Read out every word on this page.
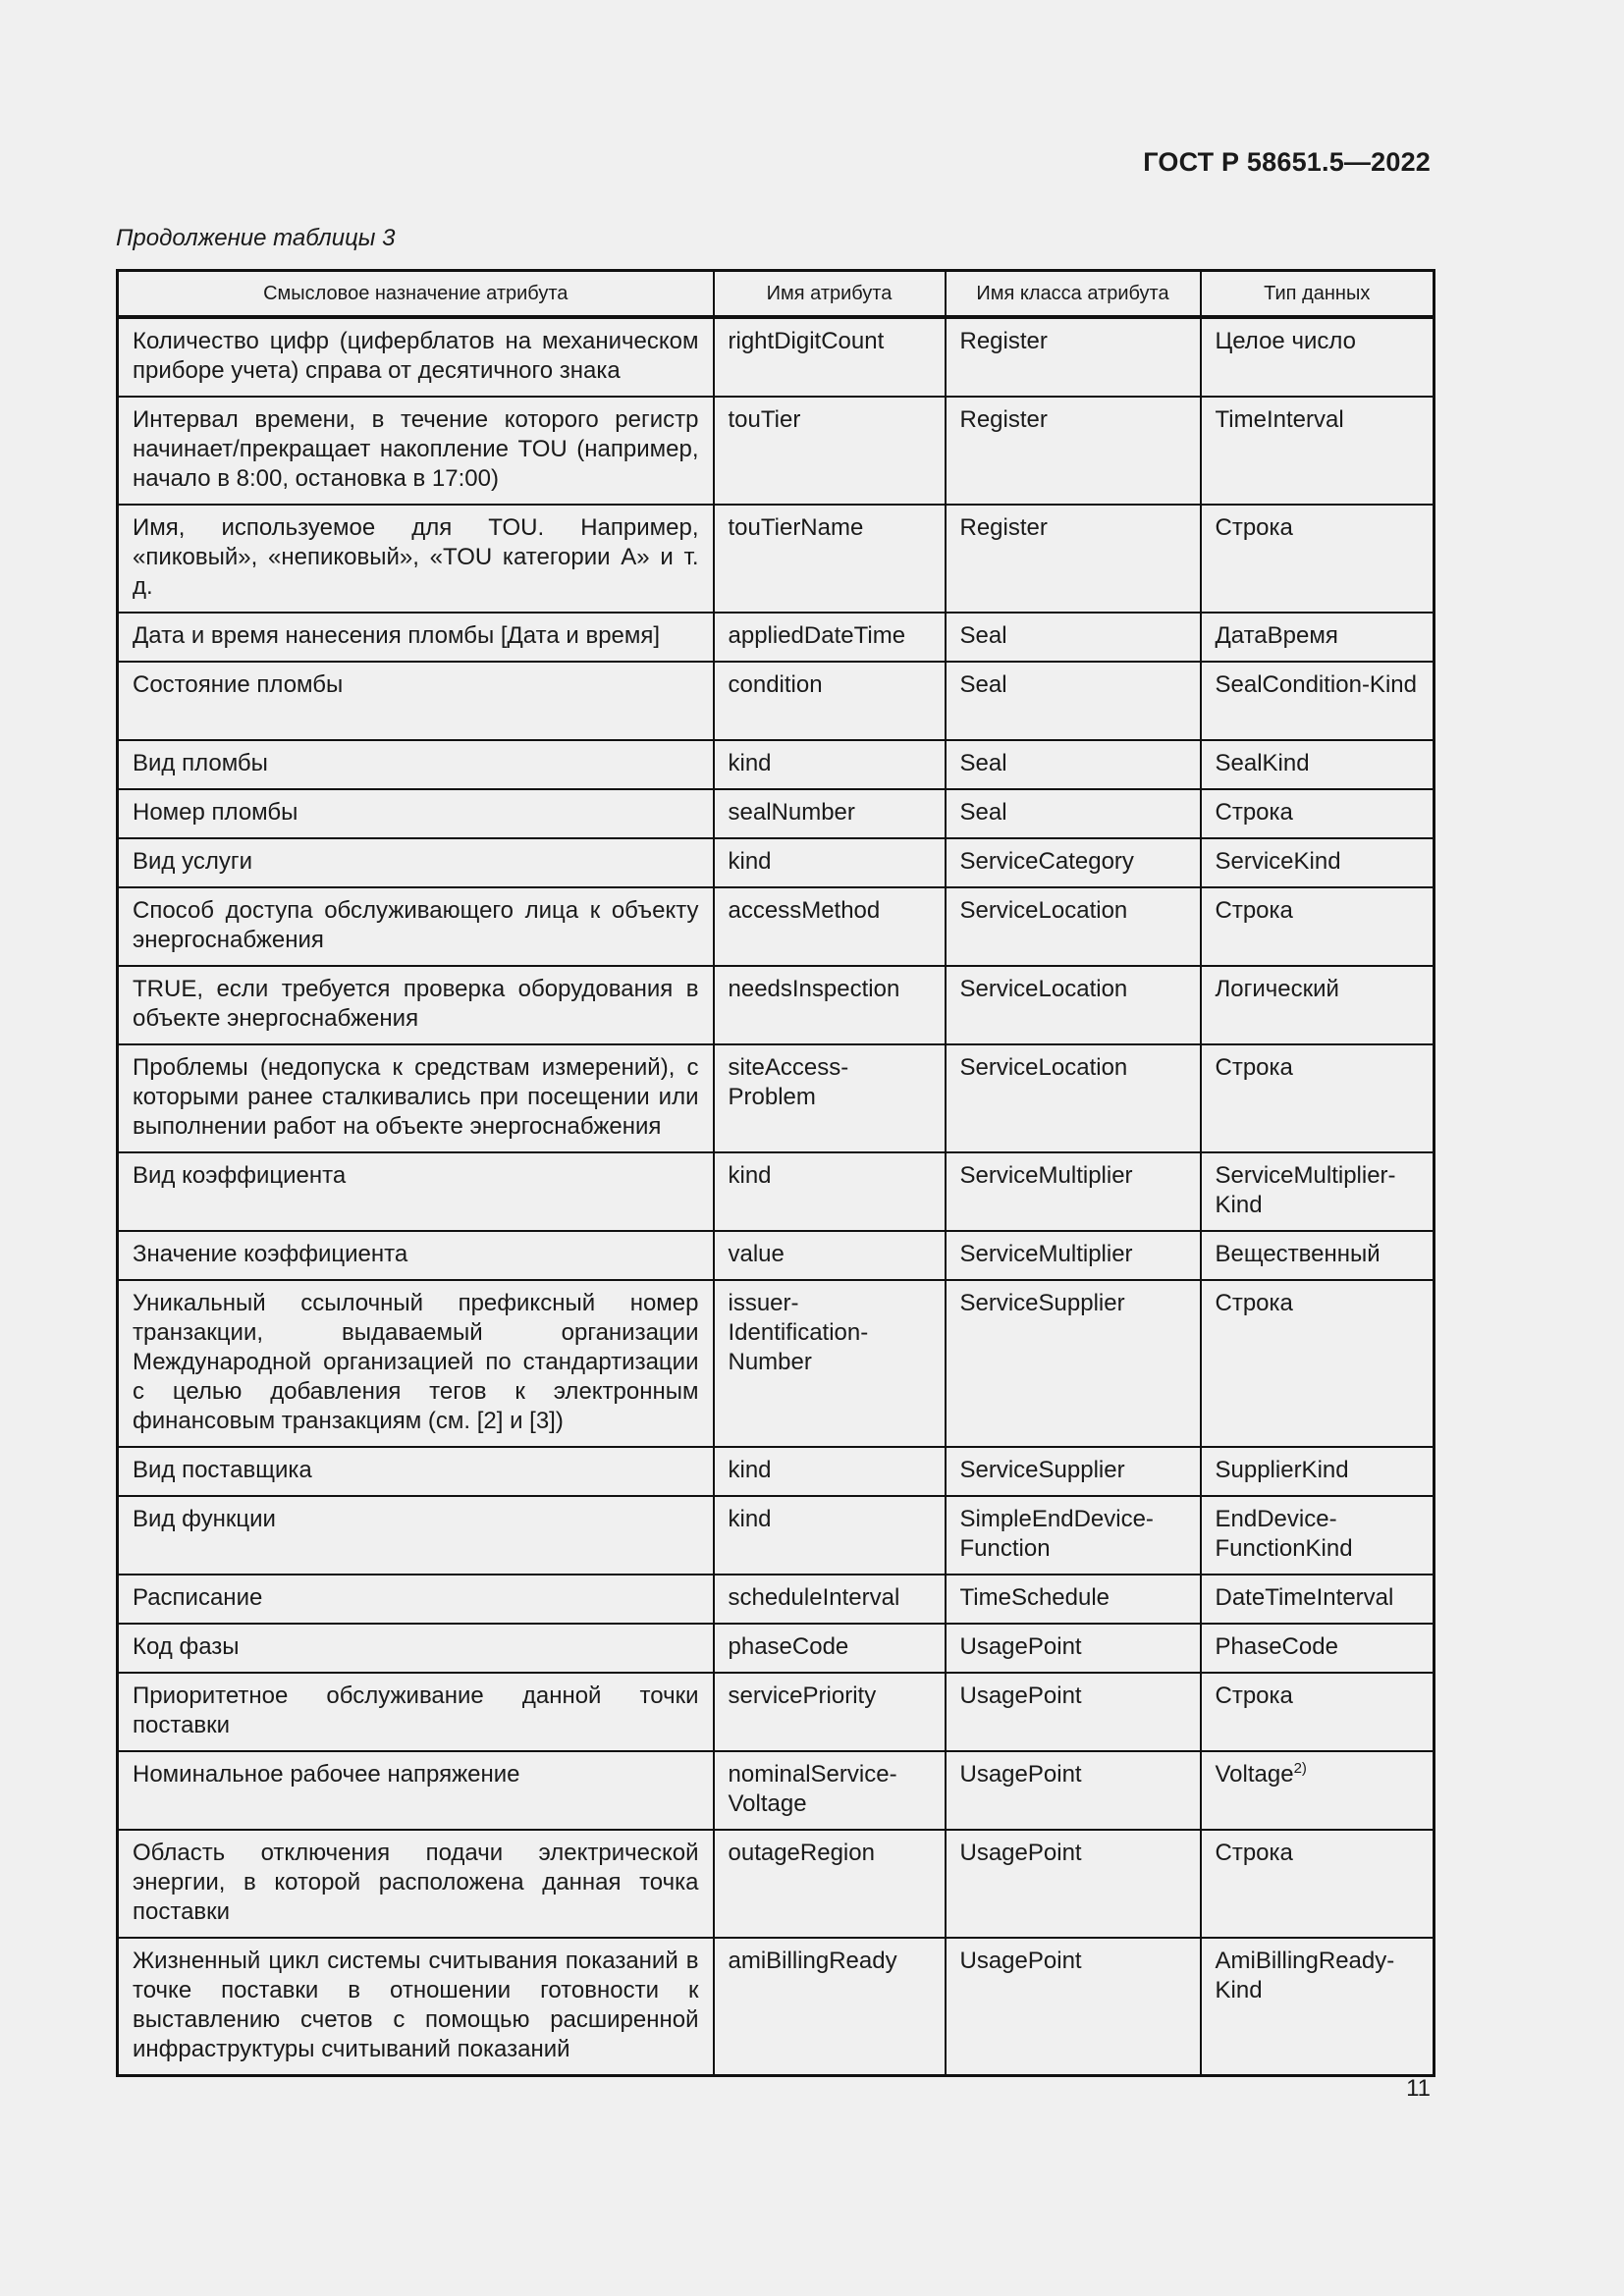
ГОСТ Р 58651.5—2022
Продолжение таблицы 3
Смысловое назначение атрибута	Имя атрибута	Имя класса атрибута	Тип данных
Количество цифр (циферблатов на механическом приборе учета) справа от десятичного знака	rightDigitCount	Register	Целое число
Интервал времени, в течение которого регистр начинает/прекращает накопление TOU (например, начало в 8:00, остановка в 17:00)	touTier	Register	TimeInterval
Имя, используемое для TOU. Например, «пиковый», «непиковый», «TOU категории А» и т. д.	touTierName	Register	Строка
Дата и время нанесения пломбы [Дата и время]	appliedDateTime	Seal	ДатаВремя
Состояние пломбы	condition	Seal	SealCondition-Kind
Вид пломбы	kind	Seal	SealKind
Номер пломбы	sealNumber	Seal	Строка
Вид услуги	kind	ServiceCategory	ServiceKind
Способ доступа обслуживающего лица к объекту энергоснабжения	accessMethod	ServiceLocation	Строка
TRUE, если требуется проверка оборудования в объекте энергоснабжения	needsInspection	ServiceLocation	Логический
Проблемы (недопуска к средствам измерений), с которыми ранее сталкивались при посещении или выполнении работ на объекте энергоснабжения	siteAccess-Problem	ServiceLocation	Строка
Вид коэффициента	kind	ServiceMultiplier	ServiceMultiplier-Kind
Значение коэффициента	value	ServiceMultiplier	Вещественный
Уникальный ссылочный префиксный номер транзакции, выдаваемый организации Международной организацией по стандартизации с целью добавления тегов к электронным финансовым транзакциям (см. [2] и [3])	issuer-Identification-Number	ServiceSupplier	Строка
Вид поставщика	kind	ServiceSupplier	SupplierKind
Вид функции	kind	SimpleEndDevice-Function	EndDevice-FunctionKind
Расписание	scheduleInterval	TimeSchedule	DateTimeInterval
Код фазы	phaseCode	UsagePoint	PhaseCode
Приоритетное обслуживание данной точки поставки	servicePriority	UsagePoint	Строка
Номинальное рабочее напряжение	nominalService-Voltage	UsagePoint	Voltage$^{2)}$
Область отключения подачи электрической энергии, в которой расположена данная точка поставки	outageRegion	UsagePoint	Строка
Жизненный цикл системы считывания показаний в точке поставки в отношении готовности к выставлению счетов с помощью расширенной инфраструктуры считываний показаний	amiBillingReady	UsagePoint	AmiBillingReady-Kind
11
